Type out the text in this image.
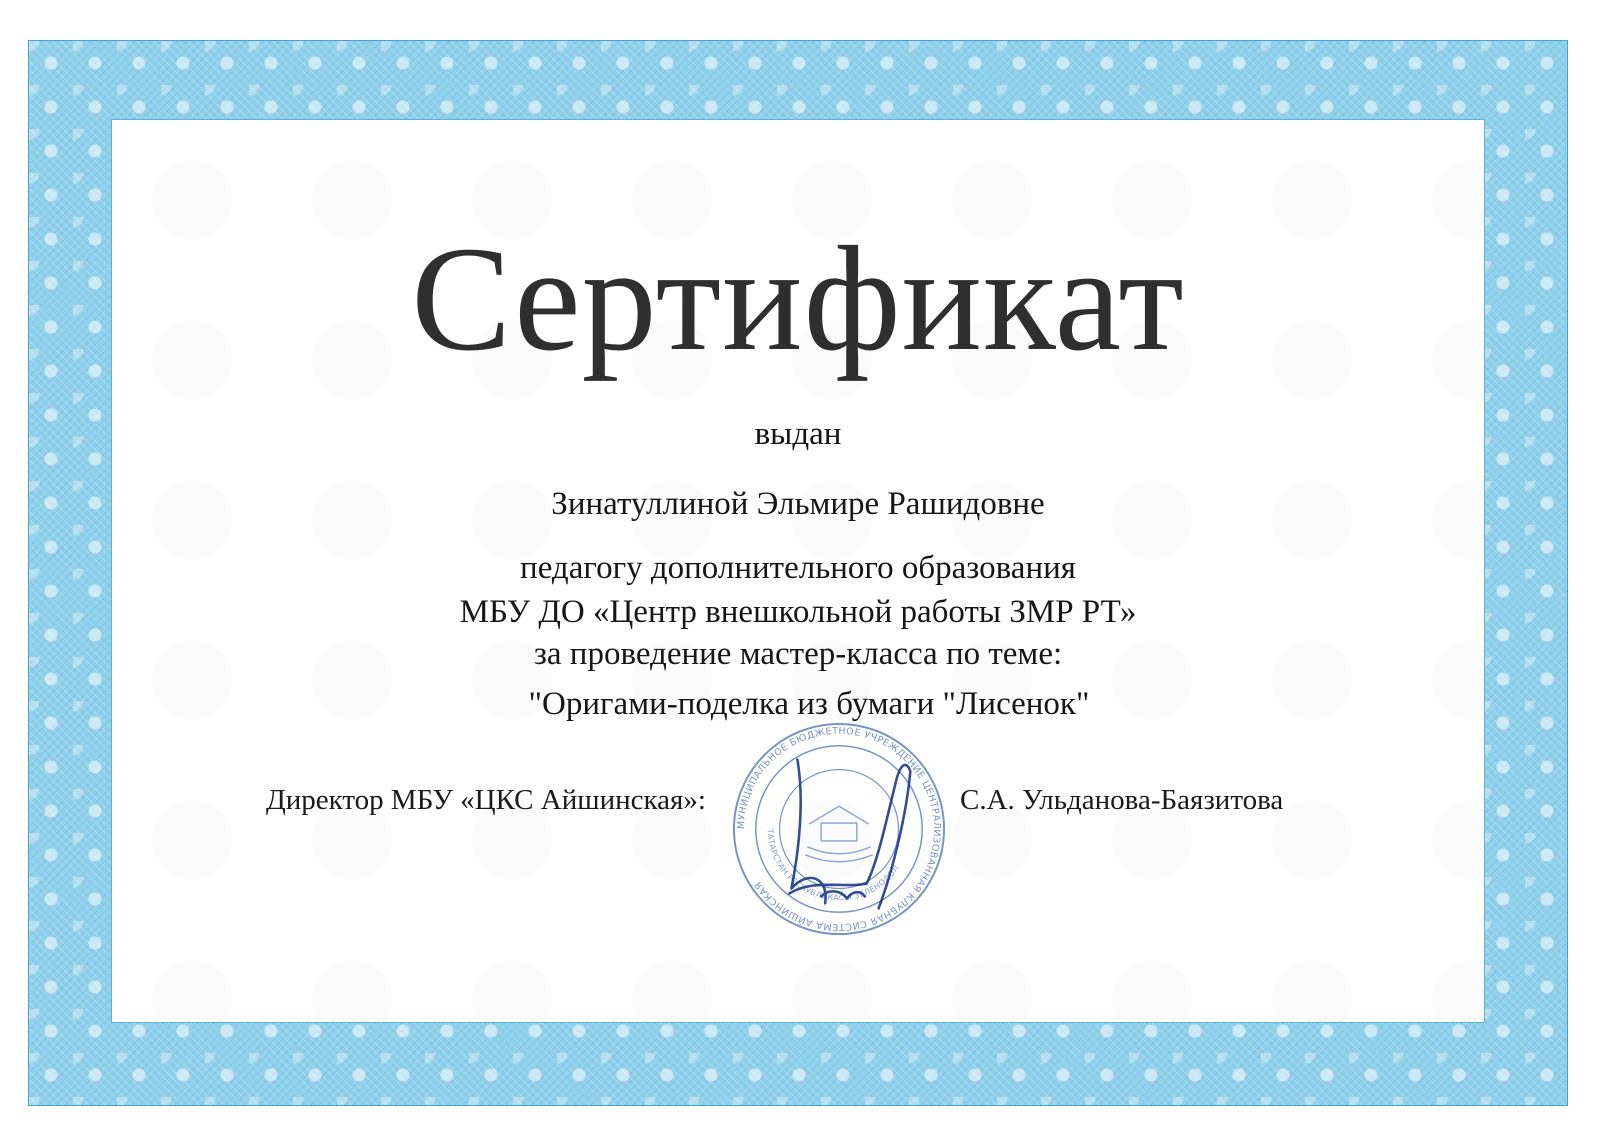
Сертификат
выдан
Зинатуллиной Эльмире Рашидовне
педагогу дополнительного образования
МБУ ДО «Центр внешкольной работы ЗМР РТ»
за проведение мастер-класса по теме:
"Оригами-поделка из бумаги "Лисенок"
Директор МБУ «ЦКС Айшинская»:	С.А. Ульданова-Баязитова
МУНИЦИПАЛЬНОЕ БЮДЖЕТНОЕ УЧРЕЖДЕНИЕ ЦЕНТРАЛИЗОВАННАЯ КЛУБНАЯ СИСТЕМА АЙШИНСКАЯ
ТАТАРСТАН РЕСПУБЛИКАСЫ ЗЕЛЕНОДОЛ
